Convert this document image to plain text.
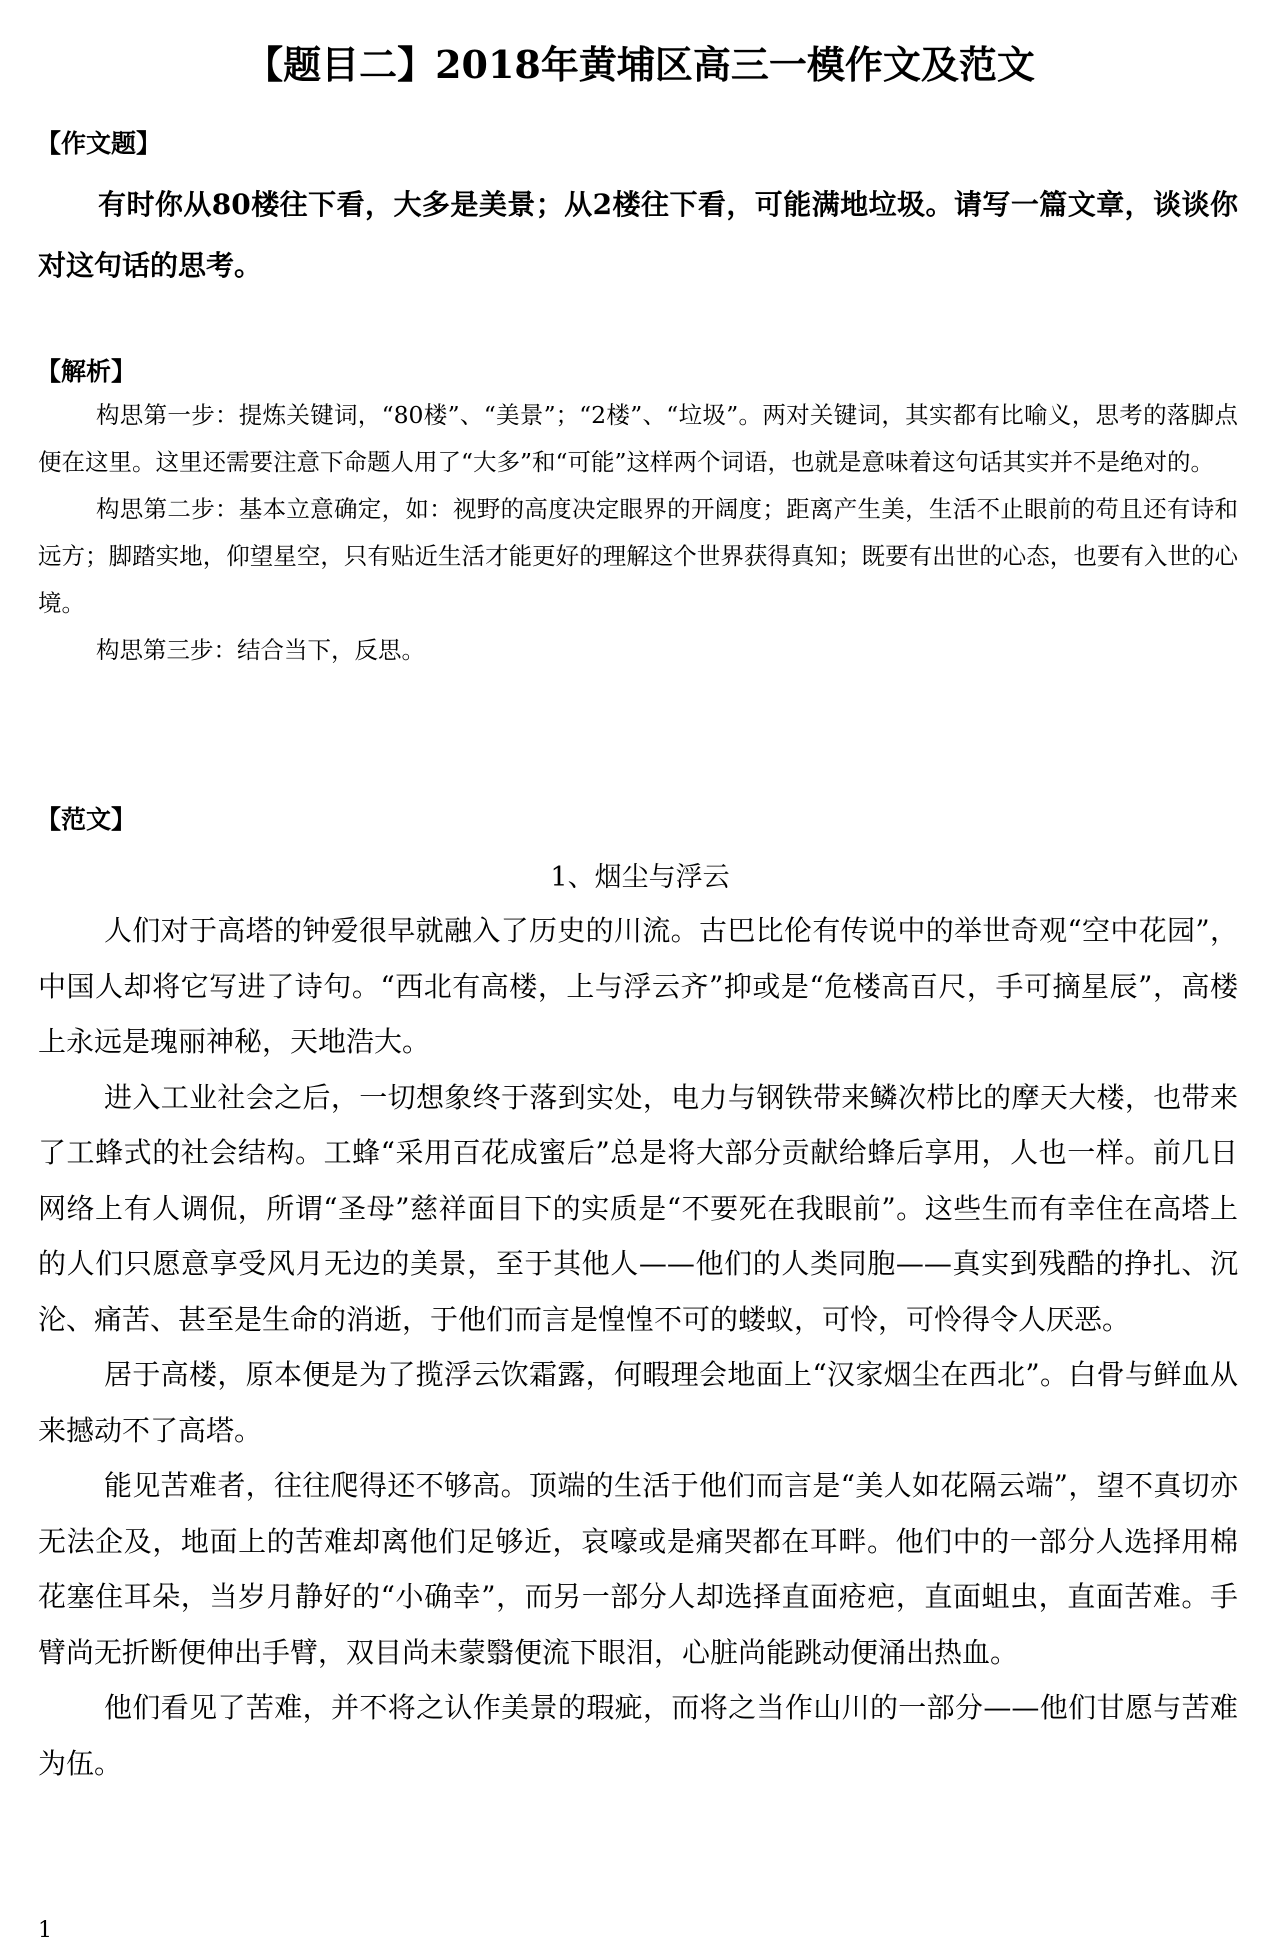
【题目二】2018年黄埔区高三一模作文及范文
【作文题】
有时你从80楼往下看，大多是美景；从2楼往下看，可能满地垃圾。请写一篇文章，谈谈你对这句话的思考。
【解析】

构思第一步：提炼关键词，“80楼”、“美景”；“2楼”、“垃圾”。两对关键词，其实都有比喻义，思考的落脚点便在这里。这里还需要注意下命题人用了“大多”和“可能”这样两个词语，也就是意味着这句话其实并不是绝对的。

构思第二步：基本立意确定，如：视野的高度决定眼界的开阔度；距离产生美，生活不止眼前的苟且还有诗和远方；脚踏实地，仰望星空，只有贴近生活才能更好的理解这个世界获得真知；既要有出世的心态，也要有入世的心境。

构思第三步：结合当下，反思。

【范文】
1、烟尘与浮云

人们对于高塔的钟爱很早就融入了历史的川流。古巴比伦有传说中的举世奇观“空中花园”，中国人却将它写进了诗句。“西北有高楼，上与浮云齐”抑或是“危楼高百尺，手可摘星辰”，高楼上永远是瑰丽神秘，天地浩大。

进入工业社会之后，一切想象终于落到实处，电力与钢铁带来鳞次栉比的摩天大楼，也带来了工蜂式的社会结构。工蜂“采用百花成蜜后”总是将大部分贡献给蜂后享用，人也一样。前几日网络上有人调侃，所谓“圣母”慈祥面目下的实质是“不要死在我眼前”。这些生而有幸住在高塔上的人们只愿意享受风月无边的美景，至于其他人——他们的人类同胞——真实到残酷的挣扎、沉沦、痛苦、甚至是生命的消逝，于他们而言是惶惶不可的蝼蚁，可怜，可怜得令人厌恶。

居于高楼，原本便是为了揽浮云饮霜露，何暇理会地面上“汉家烟尘在西北”。白骨与鲜血从来撼动不了高塔。

能见苦难者，往往爬得还不够高。顶端的生活于他们而言是“美人如花隔云端”，望不真切亦无法企及，地面上的苦难却离他们足够近，哀嚎或是痛哭都在耳畔。他们中的一部分人选择用棉花塞住耳朵，当岁月静好的“小确幸”，而另一部分人却选择直面疮疤，直面蛆虫，直面苦难。手臂尚无折断便伸出手臂，双目尚未蒙翳便流下眼泪，心脏尚能跳动便涌出热血。

他们看见了苦难，并不将之认作美景的瑕疵，而将之当作山川的一部分——他们甘愿与苦难为伍。

1
